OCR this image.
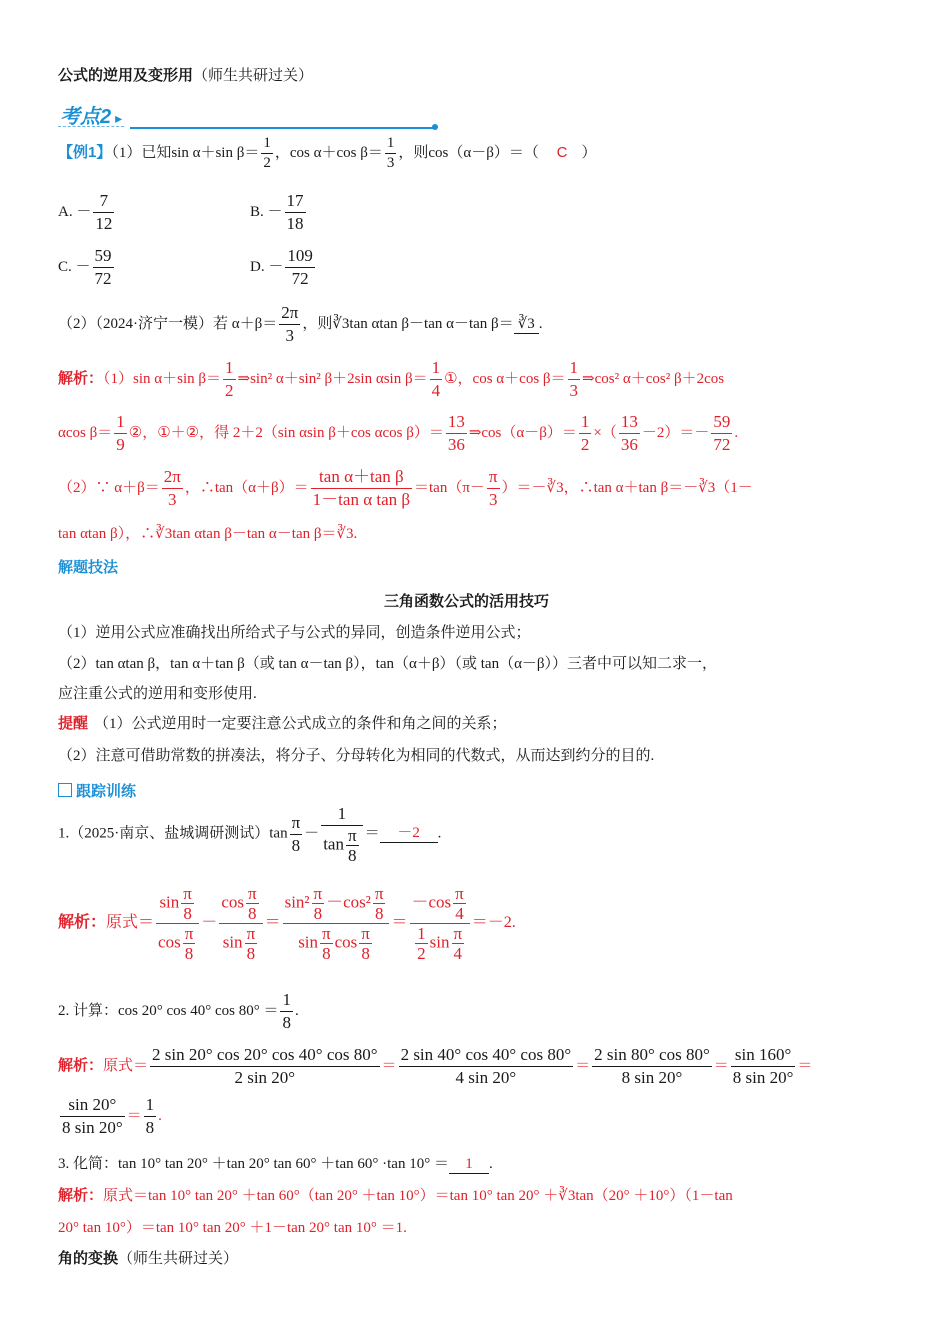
公式的逆用及变形用（师生共研过关）
考点2 ▸
【例1】（1）已知sin α＋sin $\beta= \frac{1}{2}$ ，cos α＋cos $\beta= \frac{1}{3}$ ，则cos（α－β）＝（ C ）
A. － $\frac{7}{12}$	B. － $\frac{17}{18}$
C. － $\frac{59}{72}$	D. － $\frac{109}{72}$
（2）（2024·济宁一模）若 $\alpha+\beta= \frac{2\pi}{3}$ ，则∛3tan αtan β－tan α－tan β＝ ∛3 .
解析：（1）sin α＋sin $\beta= \frac{1}{2}$ ⇒sin² α＋sin² β＋2sin αsin $\beta= \frac{1}{4}$ ①，cos α＋cos $\beta= \frac{1}{3}$ ⇒cos² α＋cos² β＋2cos
αcos $\beta= \frac{1}{9}$ ②，①＋②，得 2＋2（sin αsin β＋cos αcos $\beta)= \frac{13}{36}$ ⇒cos（α－β）＝ $\frac{1}{2}$ ×（ $\frac{13}{36} -2)=- \frac{59}{72}$ .
（2）∵ $\alpha+\beta= \frac{2\pi}{3}$ ，∴tan（α＋β）＝ $\frac{\text{tan α＋tan β}}{\text{1－tan α tan β}} =\tan(\pi- \frac{\pi}{3}$ ）＝－∛3，∴tan α＋tan β＝－∛3（1－
tan αtan β），∴∛3tan αtan β－tan α－tan β＝∛3.
解题技法
三角函数公式的活用技巧
（1）逆用公式应准确找出所给式子与公式的异同，创造条件逆用公式；
（2）tan αtan β，tan α＋tan β（或 tan α－tan β），tan（α＋β）（或 tan（α－β））三者中可以知二求一，
应注重公式的逆用和变形使用.
提醒 （1）公式逆用时一定要注意公式成立的条件和角之间的关系；
（2）注意可借助常数的拼凑法，将分子、分母转化为相同的代数式，从而达到约分的目的.
跟踪训练
1.（2025·南京、盐城调研测试）$\tan \frac{\pi}{8} - \frac{1}{\tan \frac{\pi}{8}} = -2$ .
解析：原式＝ $\frac{\sin \frac{\pi}{8}}{\cos \frac{\pi}{8}} - \frac{\cos \frac{\pi}{8}}{\sin \frac{\pi}{8}} = \frac{\sin^2 \frac{\pi}{8} -\cos^2 \frac{\pi}{8}}{\sin \frac{\pi}{8} \cos \frac{\pi}{8}} = \frac{-\cos \frac{\pi}{4}}{\frac{1}{2} \sin \frac{\pi}{4}} =-2$.
2. 计算：cos 20° cos 40° $\cos 80^\circ = \frac{1}{8}$ .
解析：原式＝ $\frac{2 \sin 20^\circ \cos 20^\circ \cos 40^\circ \cos 80^\circ}{2 \sin 20^\circ} = \frac{2 \sin 40^\circ \cos 40^\circ \cos 80^\circ}{4 \sin 20^\circ} = \frac{2 \sin 80^\circ \cos 80^\circ}{8 \sin 20^\circ} = \frac{\sin 160^\circ}{8 \sin 20^\circ}$ ＝
$\frac{\sin 20^\circ}{8 \sin 20^\circ} = \frac{1}{8}$ .
3. 化简：tan 10° tan 20° ＋tan 20° tan 60° ＋tan 60° ·tan 10° ＝ 1 .
解析：原式＝tan 10° tan 20° ＋tan 60°（tan 20° ＋tan 10°）＝tan 10° tan 20° ＋∛3tan（20° ＋10°）（1－tan
20° tan 10°）＝tan 10° tan 20° ＋1－tan 20° tan 10° ＝1.
角的变换（师生共研过关）
